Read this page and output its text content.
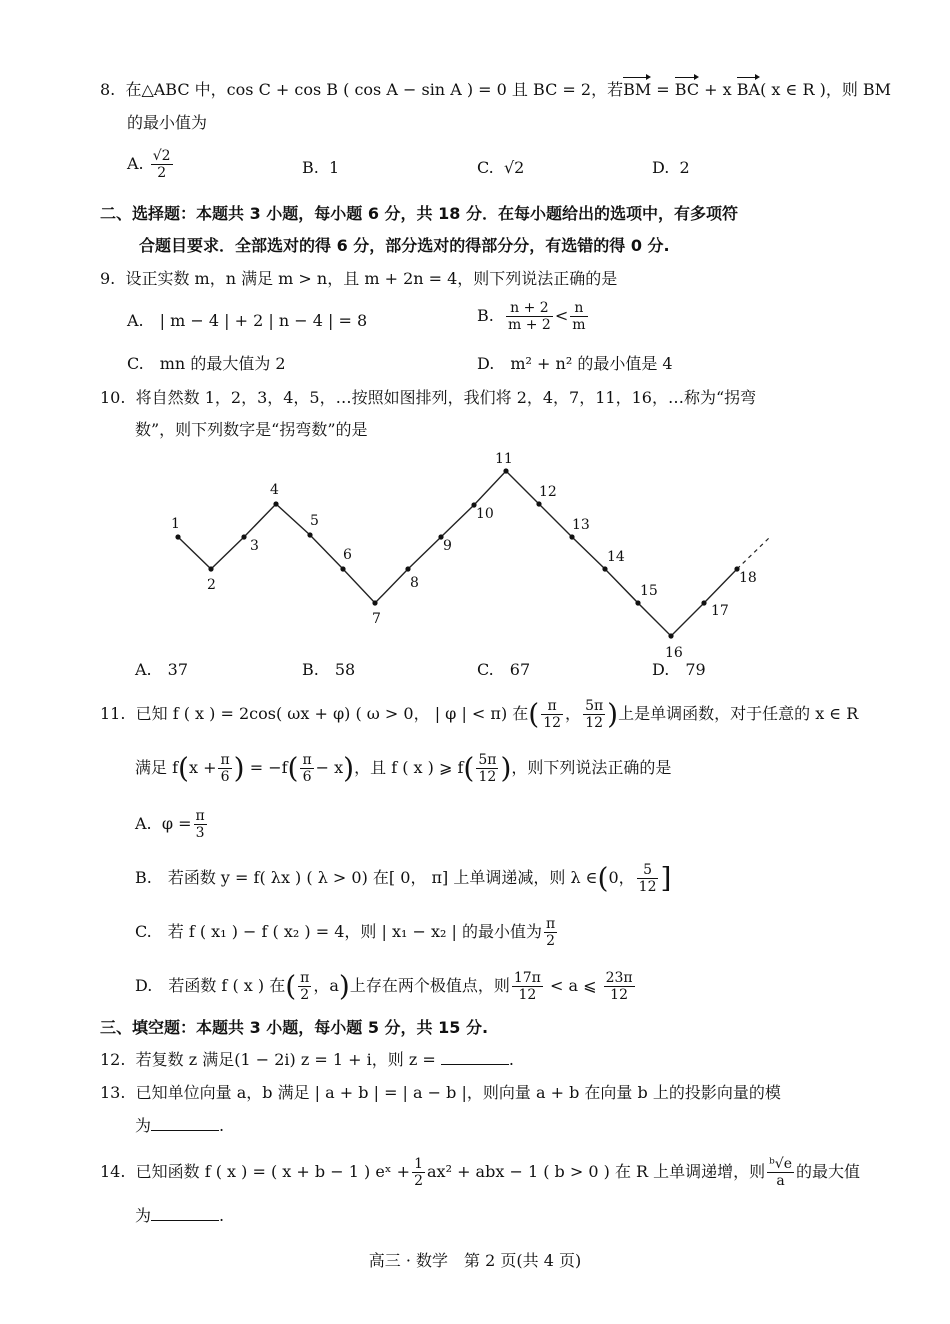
8. 在△ABC 中，cos C + cos B ( cos A − sin A ) = 0 且 BC = 2，若BM = BC + x BA( x ∈ R )，则 BM
的最小值为
A. $\frac{√2}{2}$	B. 1	C. √2	D. 2
二、选择题：本题共 3 小题，每小题 6 分，共 18 分．在每小题给出的选项中，有多项符
合题目要求．全部选对的得 6 分，部分选对的得部分分，有选错的得 0 分.
9. 设正实数 m，n 满足 m > n，且 m + 2n = 4，则下列说法正确的是
A.　| m − 4 | + 2 | n − 4 | = 8	B. $\frac{n + 2}{m + 2} < \frac{n}{m}$
C.　mn 的最大值为 2	D.　m² + n² 的最小值是 4
10. 将自然数 1，2，3，4，5，…按照如图排列，我们将 2，4，7，11，16，…称为“拐弯
数”，则下列数字是“拐弯数”的是
1
2
3
4
5
6
7
8
9
10
11
12
13
14
15
16
17
18
A.　37	B.　58	C.　67	D.　79
11. 已知 f ( x ) = 2cos( ωx + φ) ( ω > 0， | φ | < π) 在( $\frac{\pi}{12}$ ， $\frac{5\pi}{12}$ )上是单调函数，对于任意的 x ∈ R
满足 $f(x + \frac{\pi}{6}$ ) = $-f( \frac{\pi}{6} - x)$，且 f ( x ) ⩾ $f( \frac{5\pi}{12}$ )，则下列说法正确的是
A. $\varphi = \frac{\pi}{3}$
B.　若函数 y = f( λx ) ( λ > 0) 在[ 0， π] 上单调递减，则 λ ∈(0， $\frac{5}{12}$ ]
C.　若 f ( x₁ ) − f ( x₂ ) = 4，则 | x₁ − x₂ | 的最小值为 $\frac{\pi}{2}$
D.　若函数 f ( x ) 在( $\frac{\pi}{2}$ ，a)上存在两个极值点，则 $\frac{17\pi}{12} < a$ ⩽ $\frac{23\pi}{12}$
三、填空题：本题共 3 小题，每小题 5 分，共 15 分.
12. 若复数 z 满足(1 − 2i) z = 1 + i，则 z =	.
13. 已知单位向量 a，b 满足 | a + b | = | a − b |，则向量 a + b 在向量 b 上的投影向量的模
为	.
14. 已知函数 f ( x ) = ( x + b − 1 ) eˣ + $\frac{1}{2} ax^2$ + abx − 1 ( b > 0 ) 在 R 上单调递增，则 $\frac{\text{ᵇ√e}}{a}$ 的最大值
为	.
高三 · 数学　第 2 页(共 4 页)
